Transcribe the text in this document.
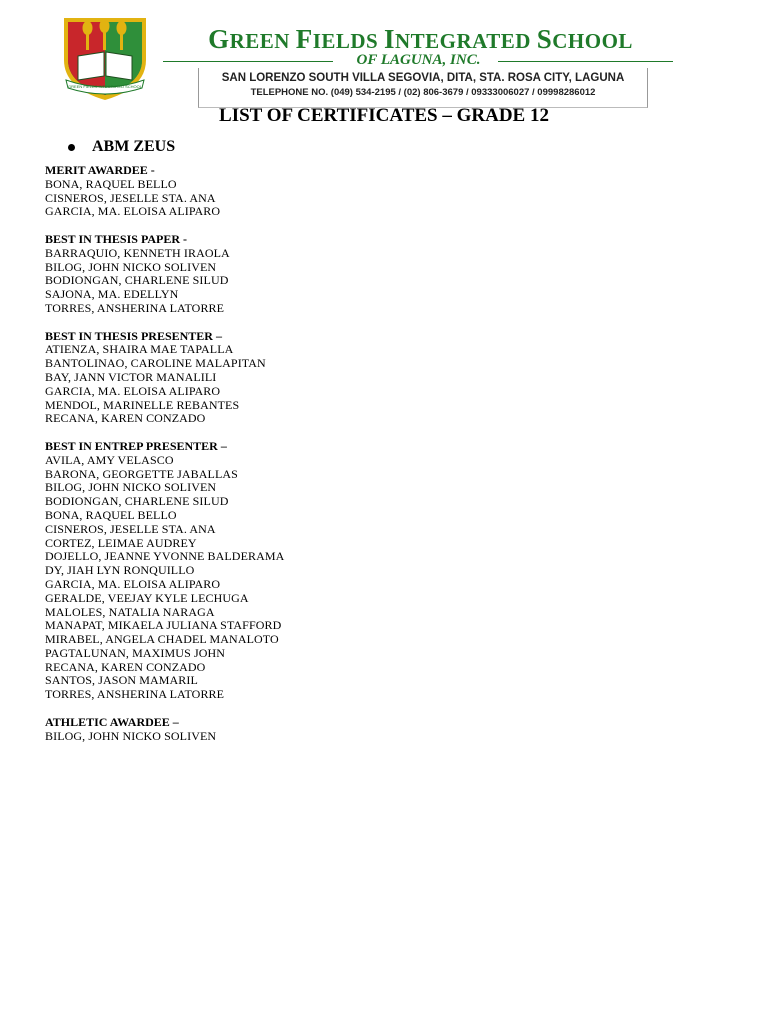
GREEN FIELDS INTEGRATED SCHOOL
GREEN FIELDS INTEGRATED SCHOOL
OF LAGUNA, INC.
SAN LORENZO SOUTH VILLA SEGOVIA, DITA, STA. ROSA CITY, LAGUNA
TELEPHONE NO. (049) 534-2195 / (02) 806-3679 / 09333006027 / 09998286012
LIST OF CERTIFICATES – GRADE 12
ABM ZEUS
MERIT AWARDEE -
BONA, RAQUEL BELLO
CISNEROS, JESELLE STA. ANA
GARCIA, MA. ELOISA ALIPARO
BEST IN THESIS PAPER -
BARRAQUIO, KENNETH IRAOLA
BILOG, JOHN NICKO SOLIVEN
BODIONGAN, CHARLENE SILUD
SAJONA, MA. EDELLYN
TORRES, ANSHERINA LATORRE
BEST IN THESIS PRESENTER –
ATIENZA, SHAIRA MAE TAPALLA
BANTOLINAO, CAROLINE MALAPITAN
BAY, JANN VICTOR MANALILI
GARCIA, MA. ELOISA ALIPARO
MENDOL, MARINELLE REBANTES
RECANA, KAREN CONZADO
BEST IN ENTREP PRESENTER –
AVILA, AMY VELASCO
BARONA, GEORGETTE JABALLAS
BILOG, JOHN NICKO SOLIVEN
BODIONGAN, CHARLENE SILUD
BONA, RAQUEL BELLO
CISNEROS, JESELLE STA. ANA
CORTEZ, LEIMAE AUDREY
DOJELLO, JEANNE YVONNE BALDERAMA
DY, JIAH LYN RONQUILLO
GARCIA, MA. ELOISA ALIPARO
GERALDE, VEEJAY KYLE LECHUGA
MALOLES, NATALIA NARAGA
MANAPAT, MIKAELA JULIANA STAFFORD
MIRABEL, ANGELA CHADEL MANALOTO
PAGTALUNAN, MAXIMUS JOHN
RECANA, KAREN CONZADO
SANTOS, JASON MAMARIL
TORRES, ANSHERINA LATORRE
ATHLETIC AWARDEE –
BILOG, JOHN NICKO SOLIVEN
